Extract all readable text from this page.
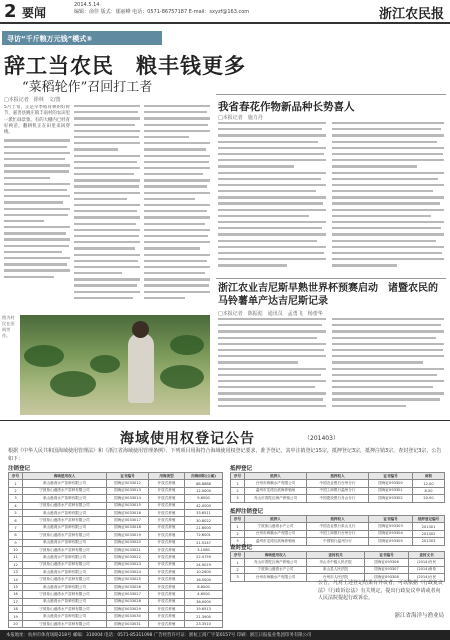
2 要闻
2014.5.14
编辑：俞佳 版式：郁丽峰 电话：0571-86757187 E-mail：sxyzf@163.com	浙江农民报
寻访“千斤粮万元钱”模式⑤
辞工当农民　粮丰钱更多
“菜稻轮作”召回打工者
□本报记者　徐林　文/图
5月上旬，正是早季稻育秧的好时节，嘉善县姚庄镇丰南村的农田里一派忙碌景象。有的大棚内已经育好秧苗，翻耕机正在田里来回穿梭。
图为村民在田间劳作。
我省春花作物新品种长势喜人
□本报记者　施力丹
浙江农业吉尼斯早熟世界杯预赛启动　诸暨农民的马铃薯单产达吉尼斯记录
□本报记者　陈振彪　通讯员　孟勇飞　杨蕾华
海域使用权登记公告	（201403）
根据《中华人民共和国海域使用管理法》和《浙江省海域使用管理条例》，下列项目用海符合海域使用权登记要求，准予登记，其中注销登记15宗，抵押登记3宗，抵押注销3宗，查封登记3宗，公告如下：
注销登记
序号	海域使用权人	证书编号	用海类型	用海面积(公顷)
1	象山港湾水产苗种有限公司	国海证0033012	开放式养殖	88.8888
2	宁波象山港湾水产苗种有限公司	国海证0033013	开放式养殖	12.0000
3	象山港湾水产苗种有限公司	国海证0033014	开放式养殖	9.6000
4	宁波象山港湾水产苗种有限公司	国海证0033015	开放式养殖	42.0000
5	象山港湾水产苗种有限公司	国海证0033016	开放式养殖	33.6511
6	宁波象山港湾水产苗种有限公司	国海证0033017	开放式养殖	30.8022
7	象山港湾水产苗种有限公司	国海证0033018	开放式养殖	21.6000
8	宁波象山港湾水产苗种有限公司	国海证0033019	开放式养殖	72.6001
9	象山港湾水产苗种有限公司	国海证0033020	开放式养殖	21.5247
10	宁波象山港湾水产苗种有限公司	国海证0033021	开放式养殖	3.1080
11	象山港湾水产苗种有限公司	国海证0033022	开放式养殖	22.4759
12	宁波象山港湾水产苗种有限公司	国海证0033023	开放式养殖	24.9019
13	象山港湾水产苗种有限公司	国海证0033024	开放式养殖	10.2600
14	宁波象山港湾水产苗种有限公司	国海证0033025	开放式养殖	16.5000
15	象山港湾水产苗种有限公司	国海证0033026	开放式养殖	8.8000
16	宁波象山港湾水产苗种有限公司	国海证0033027	开放式养殖	4.6000
17	象山港湾水产苗种有限公司	国海证0033028	开放式养殖	36.0000
18	宁波象山港湾水产苗种有限公司	国海证0033029	开放式养殖	19.6513
19	象山港湾水产苗种有限公司	国海证0033030	开放式养殖	21.3900
20	宁波象山港湾水产苗种有限公司	国海证0033031	开放式养殖	23.3510
抵押登记
序号	抵押人	抵押权人	证书编号	面积
1	台州市海顺水产有限公司	中国农业银行台州分行	国海证093300	12.00
2	温州市龙湾区滨海养殖场	中国工商银行温州分行	国海证093301	8.50
3	舟山市普陀区海产养殖公司	中国建设银行舟山分行	国海证093302	20.00
抵押注销登记
序号	抵押人	抵押权人	证书编号	抵押登记编号
1	宁波象山港湾水产公司	中国农业银行象山支行	国海证093303	201301
2	台州市海顺水产有限公司	中国工商银行台州分行	国海证093304	201302
3	温州市龙湾区滨海养殖场	中国银行温州分行	国海证093305	201303
查封登记
序号	海域使用权人	查封机关	证书编号	查封文书
1	舟山市普陀区海产养殖公司	舟山市中级人民法院	国海证093306	(2014)舟民
2	宁波象山港湾水产公司	象山县人民法院	国海证093307	(2014)甬象
3	台州市海顺水产有限公司	台州市人民法院	国海证093308	(2014)台民
公告，凡对上述登记结果有异议者，可以依据《行政复议法》《行政诉讼法》有关规定，提出行政复议申请或者向人民法院提起行政诉讼。
浙江省海洋与渔业局
本报地址：杭州市体育场路218号 邮编：310004 电话：0571-85311098 广告经营许可证：浙杭工商广字第0157号 印刷：浙江日报报业集团印务有限公司
